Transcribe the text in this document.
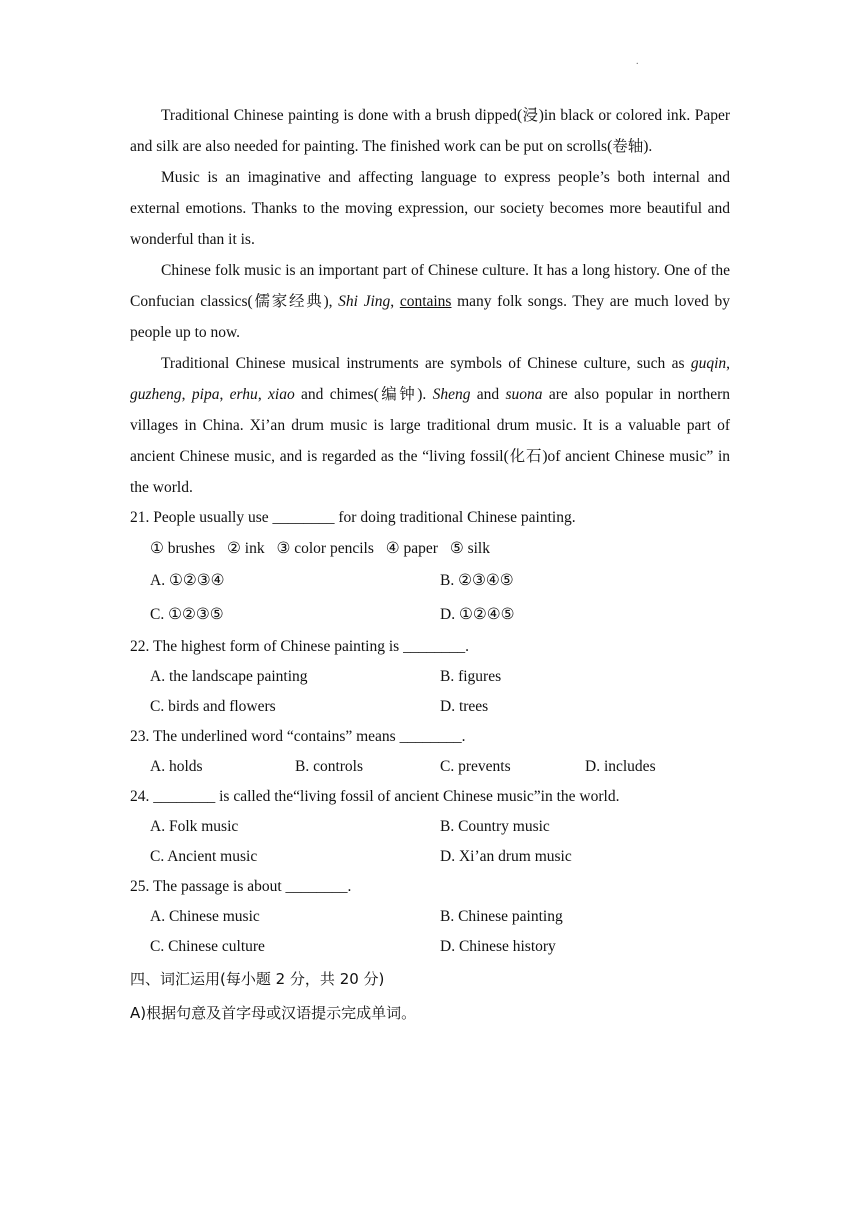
.

Traditional Chinese painting is done with a brush dipped(浸)in black or colored ink. Paper and silk are also needed for painting. The finished work can be put on scrolls(卷轴).

Music is an imaginative and affecting language to express people’s both internal and external emotions. Thanks to the moving expression, our society becomes more beautiful and wonderful than it is.

Chinese folk music is an important part of Chinese culture. It has a long history. One of the Confucian classics(儒家经典), Shi Jing, contains many folk songs. They are much loved by people up to now.

Traditional Chinese musical instruments are symbols of Chinese culture, such as guqin, guzheng, pipa, erhu, xiao and chimes(编钟). Sheng and suona are also popular in northern villages in China. Xi’an drum music is large traditional drum music. It is a valuable part of ancient Chinese music, and is regarded as the “living fossil(化石)of ancient Chinese music” in the world.

21. People usually use ________ for doing traditional Chinese painting.

① brushes ② ink ③ color pencils ④ paper ⑤ silk
A. ①②③④	B. ②③④⑤
C. ①②③⑤	D. ①②④⑤

22. The highest form of Chinese painting is ________.

A. the landscape painting	B. figures
C. birds and flowers	D. trees

23. The underlined word “contains” means ________.

A. holds	B. controls	C. prevents	D. includes

24. ________ is called the“living fossil of ancient Chinese music”in the world.

A. Folk music	B. Country music
C. Ancient music	D. Xi’an drum music

25. The passage is about ________.

A. Chinese music	B. Chinese painting
C. Chinese culture	D. Chinese history

四、词汇运用(每小题 2 分，共 20 分)

A)根据句意及首字母或汉语提示完成单词。
